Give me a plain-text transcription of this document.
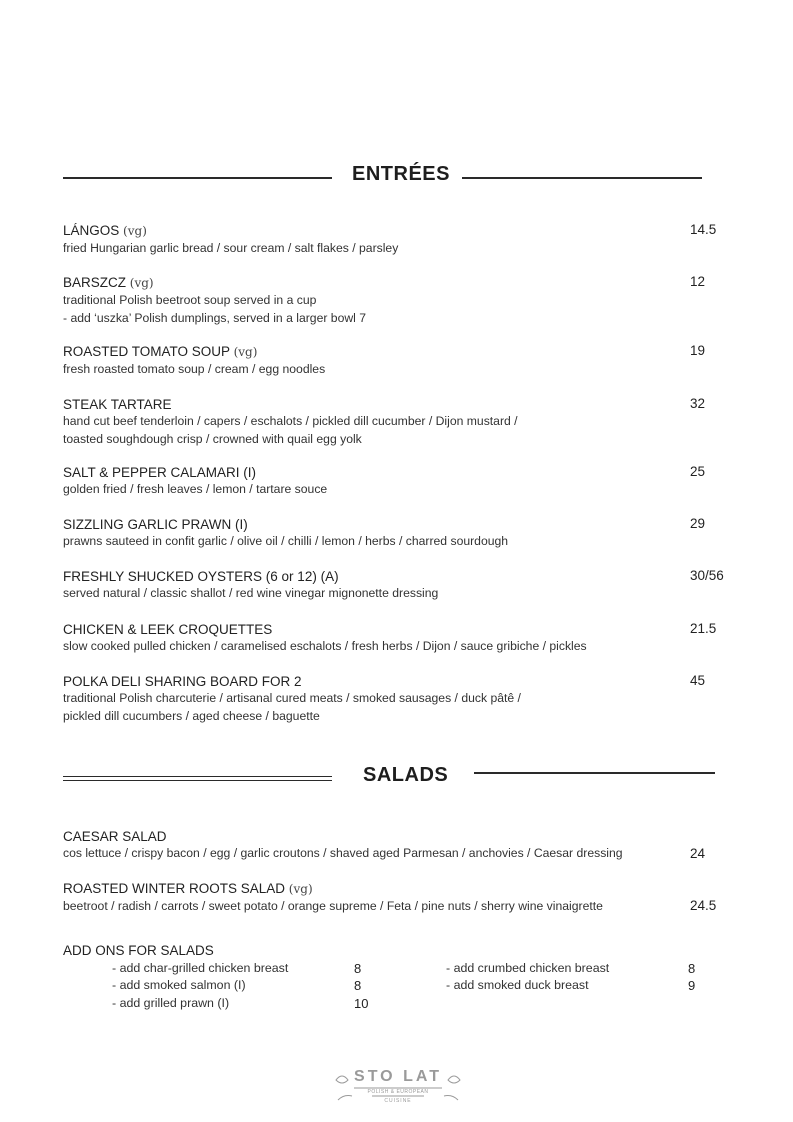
ENTRÉES
LÁNGOS (vg)
fried Hungarian garlic bread / sour cream / salt flakes / parsley
14.5
BARSZCZ (vg)
traditional Polish beetroot soup served in a cup
- add ‘uszka’ Polish dumplings, served in a larger bowl 7
12
ROASTED TOMATO SOUP (vg)
fresh roasted tomato soup / cream / egg noodles
19
STEAK TARTARE
hand cut beef tenderloin / capers / eschalots / pickled dill cucumber / Dijon mustard /
toasted soughdough crisp / crowned with quail egg yolk
32
SALT & PEPPER CALAMARI (I)
golden fried / fresh leaves / lemon / tartare souce
25
SIZZLING GARLIC PRAWN (I)
prawns sauteed in confit garlic / olive oil / chilli / lemon / herbs / charred sourdough
29
FRESHLY SHUCKED OYSTERS (6 or 12) (A)
served natural / classic shallot / red wine vinegar mignonette dressing
30/56
CHICKEN & LEEK CROQUETTES
slow cooked pulled chicken / caramelised eschalots / fresh herbs / Dijon / sauce gribiche / pickles
21.5
POLKA DELI SHARING BOARD FOR 2
traditional Polish charcuterie / artisanal cured meats / smoked sausages / duck pâtê /
pickled dill cucumbers / aged cheese / baguette
45
SALADS
CAESAR SALAD
cos lettuce / crispy bacon / egg / garlic croutons / shaved aged Parmesan / anchovies / Caesar dressing	24
ROASTED WINTER ROOTS SALAD (vg)
beetroot / radish / carrots / sweet potato / orange supreme / Feta / pine nuts / sherry wine vinaigrette	24.5
ADD ONS FOR SALADS
- add char-grilled chicken breast	8
- add smoked salmon (I)	8
- add grilled prawn (I)	10
- add crumbed chicken breast	8
- add smoked duck breast	9
STO LAT
POLISH & EUROPEAN
CUISINE
